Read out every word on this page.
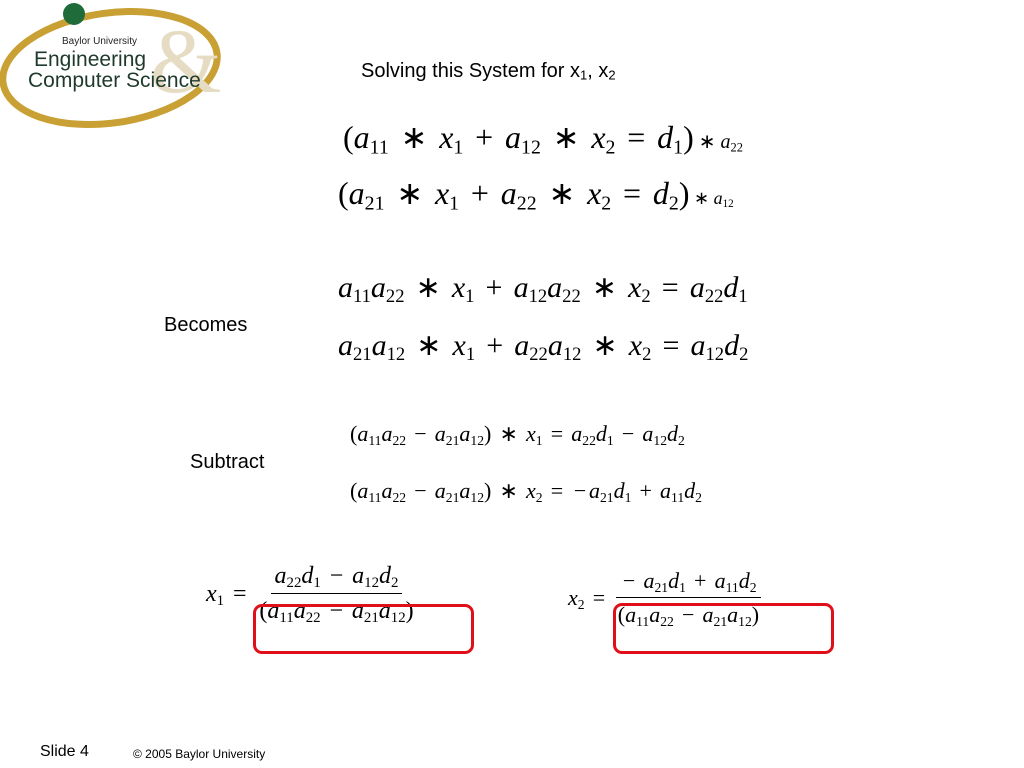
&
Baylor University
Engineering
Computer Science	Solving this System for $x_1$, $x_2$
($a_{11}$ ∗ $x_1 + a_{12}$ ∗ $x_2 = d_1$) ∗ $a_{22}$
($a_{21}$ ∗ $x_1 + a_{22}$ ∗ $x_2 = d_2$) ∗ $a_{12}$
Becomes
$a_{11}a_{22}$ ∗ $x_1 + a_{12}a_{22}$ ∗ $x_2 = a_{22}d_1$
$a_{21}a_{12}$ ∗ $x_1 + a_{22}a_{12}$ ∗ $x_2 = a_{12}d_2$
Subtract
$(a_{11}a_{22} - a_{21}a_{12})$ ∗ $x_1 = a_{22}d_1 - a_{12}d_2$
$(a_{11}a_{22} - a_{21}a_{12})$ ∗ $x_2$ = − $a_{21}d_1 + a_{11}d_2$
$x_1 = \frac{a_{22}d_1 - a_{12}d_2}{(a_{11}a_{22} - a_{21}a_{12})}$	$x_2 = \frac{- a_{21}d_1 + a_{11}d_2}{(a_{11}a_{22} - a_{21}a_{12})}$
Slide 4	© 2005 Baylor University
